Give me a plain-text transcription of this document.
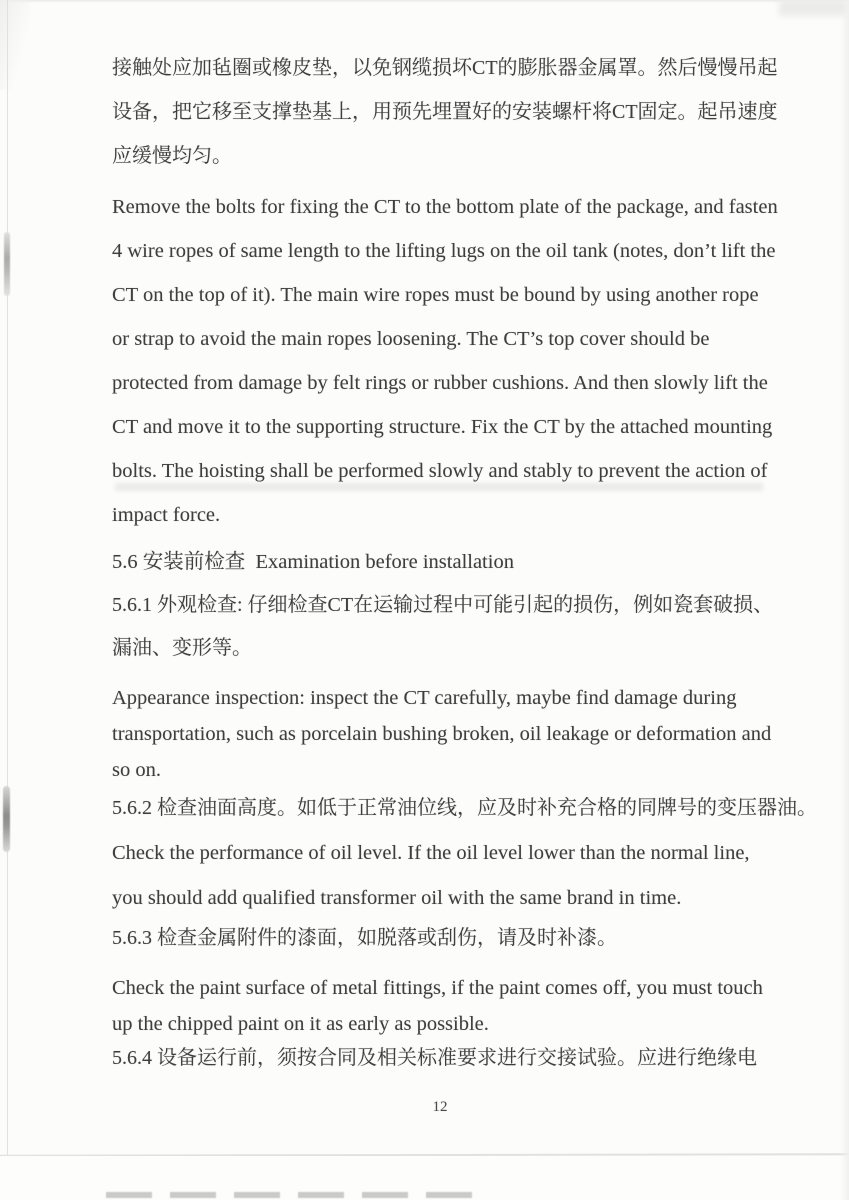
接触处应加毡圈或橡皮垫，以免钢缆损坏CT的膨胀器金属罩。然后慢慢吊起
设备，把它移至支撑垫基上，用预先埋置好的安装螺杆将CT固定。起吊速度
应缓慢均匀。
Remove the bolts for fixing the CT to the bottom plate of the package, and fasten
4 wire ropes of same length to the lifting lugs on the oil tank (notes, don’t lift the
CT on the top of it). The main wire ropes must be bound by using another rope
or strap to avoid the main ropes loosening. The CT’s top cover should be
protected from damage by felt rings or rubber cushions. And then slowly lift the
CT and move it to the supporting structure. Fix the CT by the attached mounting
bolts. The hoisting shall be performed slowly and stably to prevent the action of
impact force.
5.6 安装前检查  Examination before installation
5.6.1 外观检查: 仔细检查CT在运输过程中可能引起的损伤，例如瓷套破损、
漏油、变形等。
Appearance inspection: inspect the CT carefully, maybe find damage during
transportation, such as porcelain bushing broken, oil leakage or deformation and
so on.
5.6.2 检查油面高度。如低于正常油位线，应及时补充合格的同牌号的变压器油。
Check the performance of oil level. If the oil level lower than the normal line,
you should add qualified transformer oil with the same brand in time.
5.6.3 检查金属附件的漆面，如脱落或刮伤，请及时补漆。
Check the paint surface of metal fittings, if the paint comes off, you must touch
up the chipped paint on it as early as possible.
5.6.4 设备运行前，须按合同及相关标准要求进行交接试验。应进行绝缘电
12
